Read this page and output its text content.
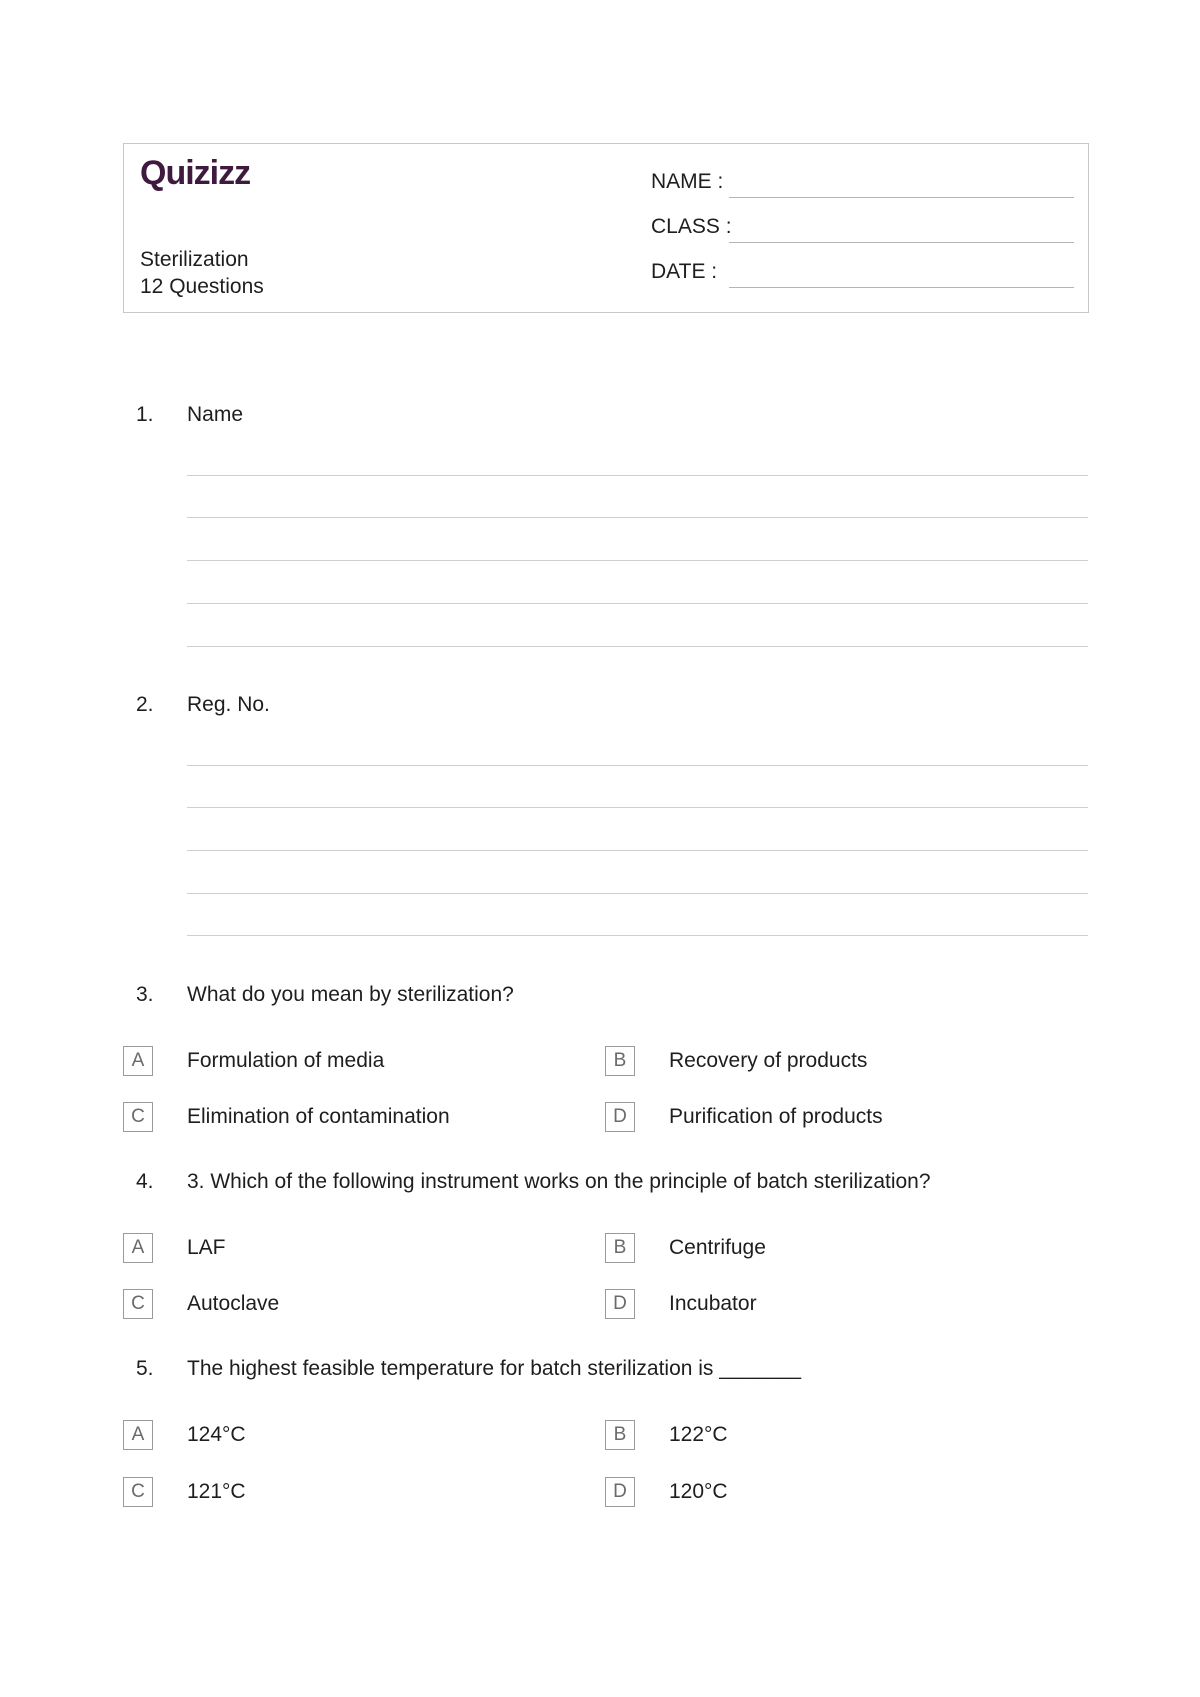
Quizizz
Sterilization
12 Questions
NAME :
CLASS :
DATE :
1. Name
2. Reg. No.
3. What do you mean by sterilization?
A	Formulation of media	B	Recovery of products
C	Elimination of contamination	D	Purification of products
4. 3. Which of the following instrument works on the principle of batch sterilization?
A	LAF	B	Centrifuge
C	Autoclave	D	Incubator
5. The highest feasible temperature for batch sterilization is _______
A	124°C	B	122°C
C	121°C	D	120°C
